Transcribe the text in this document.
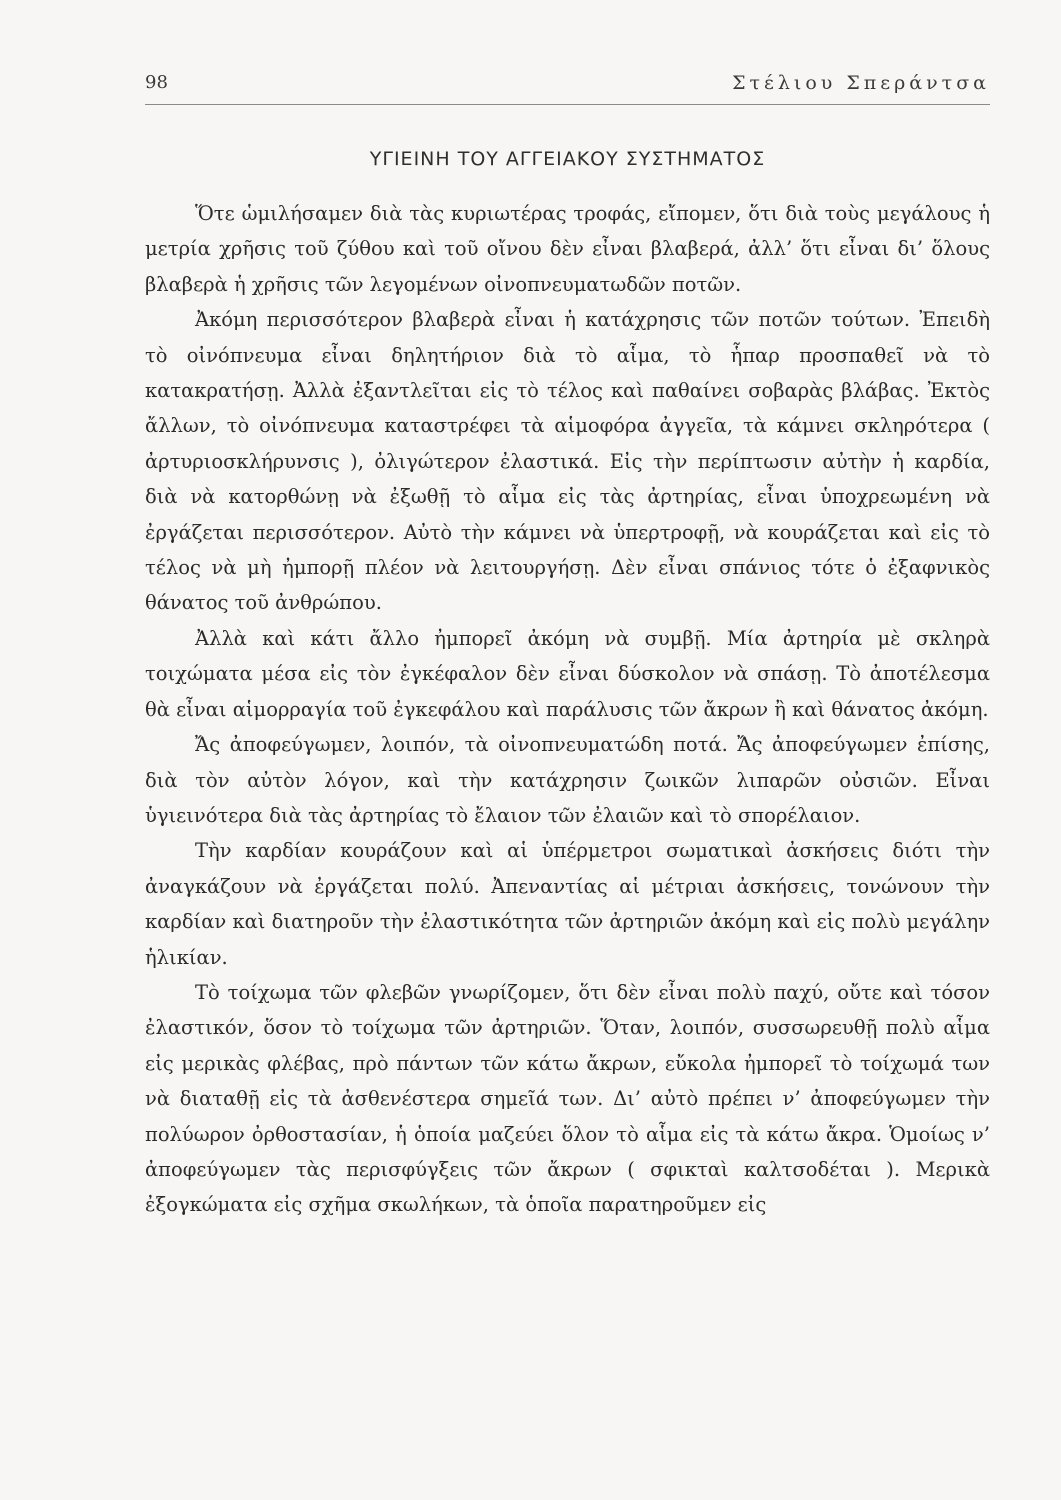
98	Στέλιου Σπεράντσα
ΥΓΙΕΙΝΗ ΤΟΥ ΑΓΓΕΙΑΚΟΥ ΣΥΣΤΗΜΑΤΟΣ

Ὅτε ὡμιλήσαμεν διὰ τὰς κυριωτέρας τροφάς, εἴπομεν, ὅτι διὰ τοὺς μεγάλους ἡ μετρία χρῆσις τοῦ ζύθου καὶ τοῦ οἴνου δὲν εἶναι βλαβερά, ἀλλ’ ὅτι εἶναι δι’ ὅλους βλαβερὰ ἡ χρῆσις τῶν λεγομένων οἰνοπνευματωδῶν ποτῶν.

Ἀκόμη περισσότερον βλαβερὰ εἶναι ἡ κατάχρησις τῶν ποτῶν τούτων. Ἐπειδὴ τὸ οἰνόπνευμα εἶναι δηλητήριον διὰ τὸ αἷμα, τὸ ἧπαρ προσπαθεῖ νὰ τὸ κατακρατήσῃ. Ἀλλὰ ἐξαντλεῖται εἰς τὸ τέλος καὶ παθαίνει σοβαρὰς βλάβας. Ἐκτὸς ἄλλων, τὸ οἰνόπνευμα καταστρέφει τὰ αἱμοφόρα ἀγγεῖα, τὰ κάμνει σκληρότερα ( ἀρτυριοσκλήρυνσις ), ὀλιγώτερον ἐλαστικά. Εἰς τὴν περίπτωσιν αὐτὴν ἡ καρδία, διὰ νὰ κατορθώνῃ νὰ ἐξωθῇ τὸ αἷμα εἰς τὰς ἀρτηρίας, εἶναι ὑποχρεωμένη νὰ ἐργάζεται περισσότερον. Αὐτὸ τὴν κάμνει νὰ ὑπερτροφῇ, νὰ κουράζεται καὶ εἰς τὸ τέλος νὰ μὴ ἠμπορῇ πλέον νὰ λειτουργήσῃ. Δὲν εἶναι σπάνιος τότε ὁ ἐξαφνικὸς θάνατος τοῦ ἀνθρώπου.

Ἀλλὰ καὶ κάτι ἄλλο ἠμπορεῖ ἀκόμη νὰ συμβῇ. Μία ἀρτηρία μὲ σκληρὰ τοιχώματα μέσα εἰς τὸν ἐγκέφαλον δὲν εἶναι δύσκολον νὰ σπάσῃ. Τὸ ἀποτέλεσμα θὰ εἶναι αἱμορραγία τοῦ ἐγκεφάλου καὶ παράλυσις τῶν ἄκρων ἢ καὶ θάνατος ἀκόμη.

Ἄς ἀποφεύγωμεν, λοιπόν, τὰ οἰνοπνευματώδη ποτά. Ἄς ἀποφεύγωμεν ἐπίσης, διὰ τὸν αὐτὸν λόγον, καὶ τὴν κατάχρησιν ζωικῶν λιπαρῶν οὐσιῶν. Εἶναι ὑγιεινότερα διὰ τὰς ἀρτηρίας τὸ ἔλαιον τῶν ἐλαιῶν καὶ τὸ σπορέλαιον.

Τὴν καρδίαν κουράζουν καὶ αἱ ὑπέρμετροι σωματικαὶ ἀσκήσεις διότι τὴν ἀναγκάζουν νὰ ἐργάζεται πολύ. Ἀπεναντίας αἱ μέτριαι ἀσκήσεις, τονώνουν τὴν καρδίαν καὶ διατηροῦν τὴν ἐλαστικότητα τῶν ἀρτηριῶν ἀκόμη καὶ εἰς πολὺ μεγάλην ἡλικίαν.

Τὸ τοίχωμα τῶν φλεβῶν γνωρίζομεν, ὅτι δὲν εἶναι πολὺ παχύ, οὔτε καὶ τόσον ἐλαστικόν, ὅσον τὸ τοίχωμα τῶν ἀρτηριῶν. Ὅταν, λοιπόν, συσσωρευθῇ πολὺ αἷμα εἰς μερικὰς φλέβας, πρὸ πάντων τῶν κάτω ἄκρων, εὔκολα ἠμπορεῖ τὸ τοίχωμά των νὰ διαταθῇ εἰς τὰ ἀσθενέστερα σημεῖά των. Δι’ αὐτὸ πρέπει ν’ ἀποφεύγωμεν τὴν πολύωρον ὀρθοστασίαν, ἡ ὁποία μαζεύει ὅλον τὸ αἷμα εἰς τὰ κάτω ἄκρα. Ὁμοίως ν’ ἀποφεύγωμεν τὰς περισφύγξεις τῶν ἄκρων ( σφικταὶ καλτσοδέται ). Μερικὰ ἐξογκώματα εἰς σχῆμα σκωλήκων, τὰ ὁποῖα παρατηροῦμεν εἰς
